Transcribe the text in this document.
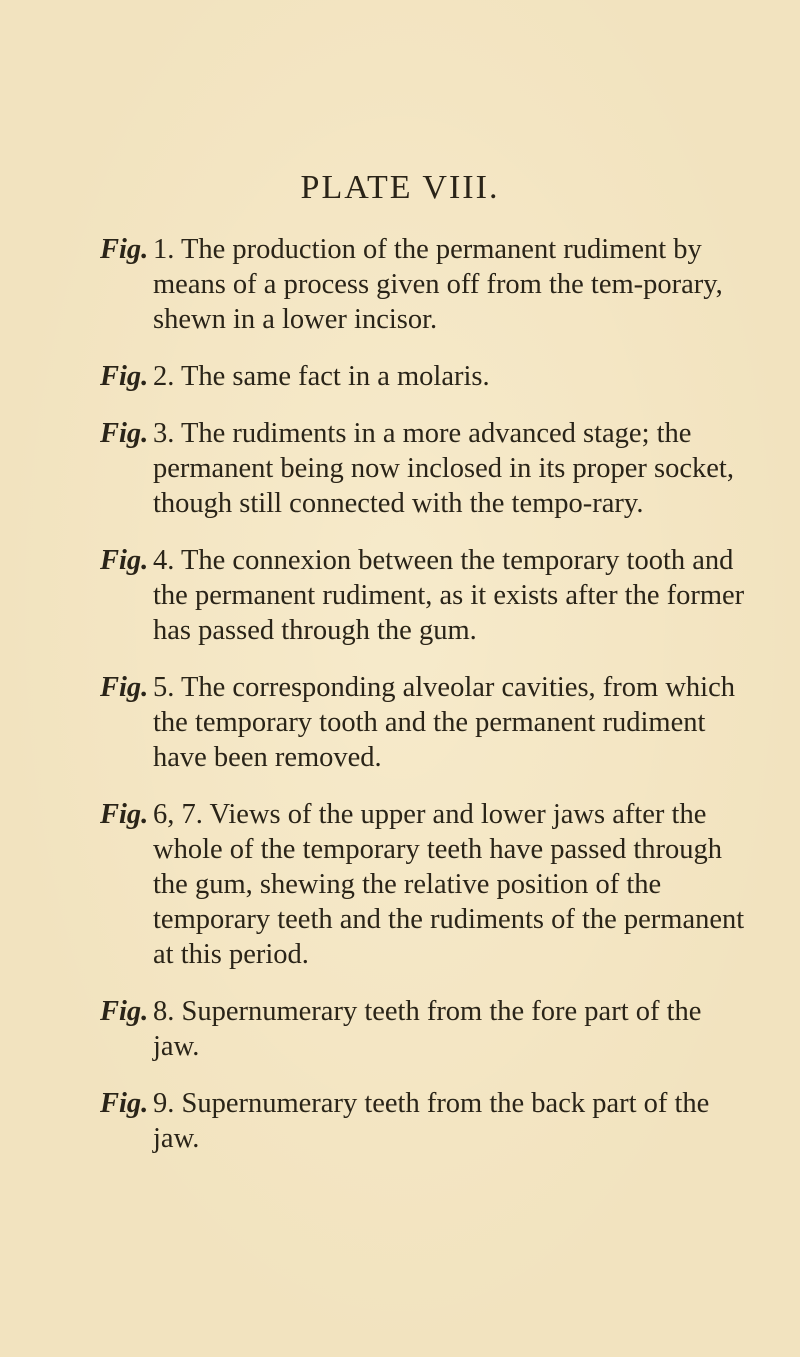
PLATE VIII.
Fig. 1. The production of the permanent rudiment by means of a process given off from the tem-porary, shewn in a lower incisor.
Fig. 2. The same fact in a molaris.
Fig. 3. The rudiments in a more advanced stage; the permanent being now inclosed in its proper socket, though still connected with the tempo-rary.
Fig. 4. The connexion between the temporary tooth and the permanent rudiment, as it exists after the former has passed through the gum.
Fig. 5. The corresponding alveolar cavities, from which the temporary tooth and the permanent rudiment have been removed.
Fig. 6, 7. Views of the upper and lower jaws after the whole of the temporary teeth have passed through the gum, shewing the relative position of the temporary teeth and the rudiments of the permanent at this period.
Fig. 8. Supernumerary teeth from the fore part of the jaw.
Fig. 9. Supernumerary teeth from the back part of the jaw.
